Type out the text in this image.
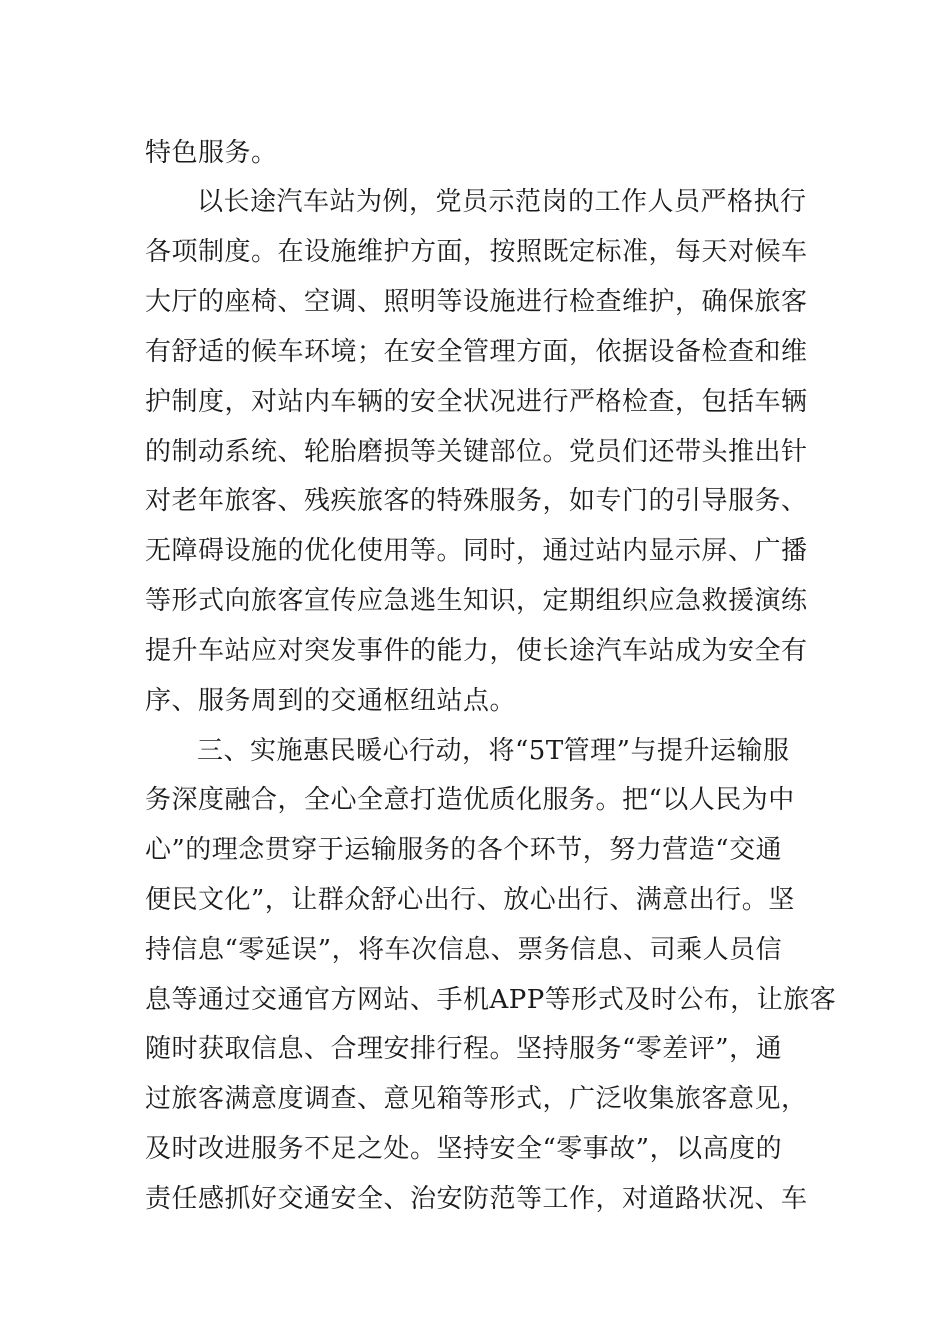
特色服务。
以长途汽车站为例，党员示范岗的工作人员严格执行
各项制度。在设施维护方面，按照既定标准，每天对候车
大厅的座椅、空调、照明等设施进行检查维护，确保旅客
有舒适的候车环境；在安全管理方面，依据设备检查和维
护制度，对站内车辆的安全状况进行严格检查，包括车辆
的制动系统、轮胎磨损等关键部位。党员们还带头推出针
对老年旅客、残疾旅客的特殊服务，如专门的引导服务、
无障碍设施的优化使用等。同时，通过站内显示屏、广播
等形式向旅客宣传应急逃生知识，定期组织应急救援演练
提升车站应对突发事件的能力，使长途汽车站成为安全有
序、服务周到的交通枢纽站点。
三、实施惠民暖心行动，将“5T管理”与提升运输服
务深度融合，全心全意打造优质化服务。把“以人民为中
心”的理念贯穿于运输服务的各个环节，努力营造“交通
便民文化”，让群众舒心出行、放心出行、满意出行。坚
持信息“零延误”，将车次信息、票务信息、司乘人员信
息等通过交通官方网站、手机APP等形式及时公布，让旅客
随时获取信息、合理安排行程。坚持服务“零差评”，通
过旅客满意度调查、意见箱等形式，广泛收集旅客意见，
及时改进服务不足之处。坚持安全“零事故”，以高度的
责任感抓好交通安全、治安防范等工作，对道路状况、车
